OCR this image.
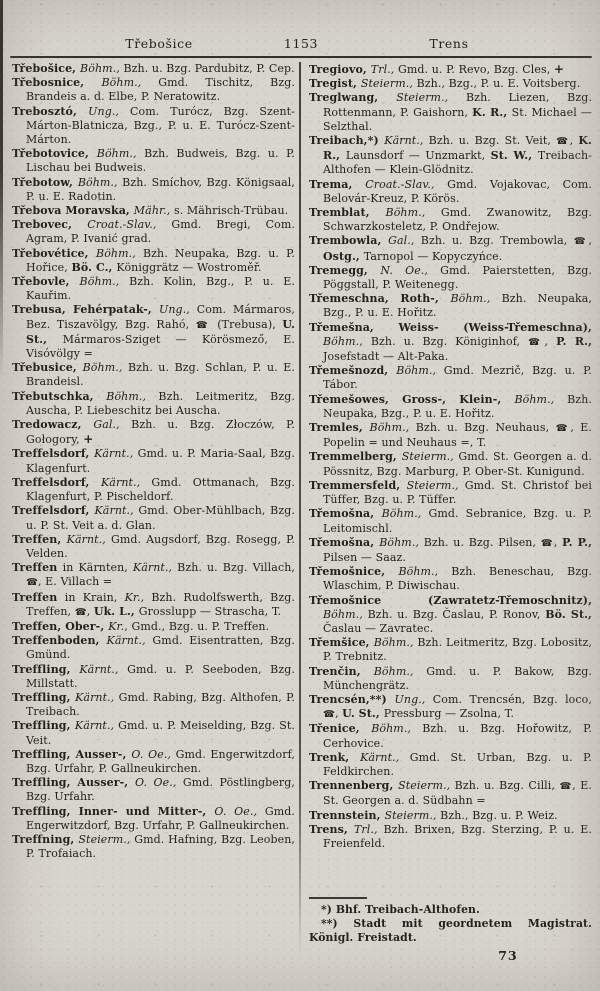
Třebošice	1153	Trens

Třebošice, Böhm., Bzh. u. Bzg. Pardubitz, P. Cep.

Třebosnice, Böhm., Gmd. Tischitz, Bzg. Brandeis a. d. Elbe, P. Neratowitz.

Trebosztó, Ung., Com. Turócz, Bzg. Szent-Márton-Blatnicza, Bzg., P. u. E. Turócz-Szent-Márton.

Třebotovice, Böhm., Bzh. Budweis, Bzg. u. P. Lischau bei Budweis.

Třebotow, Böhm., Bzh. Smíchov, Bzg. Königsaal, P. u. E. Radotin.

Třebova Moravska, Mähr., s. Mährisch-Trübau.

Trebovec, Croat.-Slav., Gmd. Bregi, Com. Agram, P. Ivanić grad.

Třebovétice, Böhm., Bzh. Neupaka, Bzg. u. P. Hořice, Bö. C., Königgrätz — Wostroměř.

Třebovle, Böhm., Bzh. Kolin, Bzg., P. u. E. Kauřim.

Trebusa, Fehérpatak-, Ung., Com. Mármaros, Bez. Tiszavölgy, Bzg. Rahó, ☎ (Trebusa), U. St., Mármaros-Sziget — Körösmező, E. Visóvölgy =

Třebusice, Böhm., Bzh. u. Bzg. Schlan, P. u. E. Brandeisl.

Třebutschka, Böhm., Bzh. Leitmeritz, Bzg. Auscha, P. Liebeschitz bei Auscha.

Tredowacz, Gal., Bzh. u. Bzg. Złoczów, P. Gołogory, +

Treffelsdorf, Kärnt., Gmd. u. P. Maria-Saal, Bzg. Klagenfurt.

Treffelsdorf, Kärnt., Gmd. Ottmanach, Bzg. Klagenfurt, P. Pischeldorf.

Treffelsdorf, Kärnt., Gmd. Ober-Mühlbach, Bzg. u. P. St. Veit a. d. Glan.

Treffen, Kärnt., Gmd. Augsdorf, Bzg. Rosegg, P. Velden.

Treffen in Kärnten, Kärnt., Bzh. u. Bzg. Villach, ☎, E. Villach =

Treffen in Krain, Kr., Bzh. Rudolfswerth, Bzg. Treffen, ☎, Uk. L., Grosslupp — Strascha, T.

Treffen, Ober-, Kr., Gmd., Bzg. u. P. Treffen.

Treffenboden, Kärnt., Gmd. Eisentratten, Bzg. Gmünd.

Treffling, Kärnt., Gmd. u. P. Seeboden, Bzg. Millstatt.

Treffling, Kärnt., Gmd. Rabing, Bzg. Althofen, P. Treibach.

Treffling, Kärnt., Gmd. u. P. Meiselding, Bzg. St. Veit.

Treffling, Ausser-, O. Oe., Gmd. Engerwitzdorf, Bzg. Urfahr, P. Gallneukirchen.

Treffling, Ausser-, O. Oe., Gmd. Pöstlingberg, Bzg. Urfahr.

Treffling, Inner- und Mitter-, O. Oe., Gmd. Engerwitzdorf, Bzg. Urfahr, P. Gallneukirchen.

Treffning, Steierm., Gmd. Hafning, Bzg. Leoben, P. Trofaiach.

Tregiovo, Trl., Gmd. u. P. Revo, Bzg. Cles, +

Tregist, Steierm., Bzh., Bzg., P. u. E. Voitsberg.

Treglwang, Steierm., Bzh. Liezen, Bzg. Rottenmann, P. Gaishorn, K. R., St. Michael — Selzthal.

Treibach,*) Kärnt., Bzh. u. Bzg. St. Veit, ☎, K. R., Launsdorf — Unzmarkt, St. W., Treibach-Althofen — Klein-Glödnitz.

Trema, Croat.-Slav., Gmd. Vojakovac, Com. Belovár-Kreuz, P. Körös.

Tremblat, Böhm., Gmd. Zwanowitz, Bzg. Schwarzkosteletz, P. Ondřejow.

Trembowla, Gal., Bzh. u. Bzg. Trembowla, ☎, Ostg., Tarnopol — Kopyczyńce.

Tremegg, N. Oe., Gmd. Paierstetten, Bzg. Pöggstall, P. Weitenegg.

Třemeschna, Roth-, Böhm., Bzh. Neupaka, Bzg., P. u. E. Hořitz.

Třemešna, Weiss- (Weiss-Třemeschna), Böhm., Bzh. u. Bzg. Königinhof, ☎, P. R., Josefstadt — Alt-Paka.

Třemešnozd, Böhm., Gmd. Mezrič, Bzg. u. P. Tábor.

Třemešowes, Gross-, Klein-, Böhm., Bzh. Neupaka, Bzg., P. u. E. Hořitz.

Tremles, Böhm., Bzh. u. Bzg. Neuhaus, ☎, E. Popelin = und Neuhaus =, T.

Tremmelberg, Steierm., Gmd. St. Georgen a. d. Pössnitz, Bzg. Marburg, P. Ober-St. Kunigund.

Tremmersfeld, Steierm., Gmd. St. Christof bei Tüffer, Bzg. u. P. Tüffer.

Třemošna, Böhm., Gmd. Sebranice, Bzg. u. P. Leitomischl.

Třemošna, Böhm., Bzh. u. Bzg. Pilsen, ☎, P. P., Pilsen — Saaz.

Třemošnice, Böhm., Bzh. Beneschau, Bzg. Wlaschim, P. Diwischau.

Třemošnice (Zawratetz-Třemoschnitz), Böhm., Bzh. u. Bzg. Časlau, P. Ronov, Bö. St., Časlau — Zavratec.

Třemšice, Böhm., Bzh. Leitmeritz, Bzg. Lobositz, P. Trebnitz.

Trenčin, Böhm., Gmd. u. P. Bakow, Bzg. Münchengrätz.

Trencsén,**) Ung., Com. Trencsén, Bzg. loco, ☎, U. St., Pressburg — Zsolna, T.

Třenice, Böhm., Bzh. u. Bzg. Hořowitz, P. Cerhovice.

Trenk, Kärnt., Gmd. St. Urban, Bzg. u. P. Feldkirchen.

Trennenberg, Steierm., Bzh. u. Bzg. Cilli, ☎, E. St. Georgen a. d. Südbahn =

Trennstein, Steierm., Bzh., Bzg. u. P. Weiz.

Trens, Trl., Bzh. Brixen, Bzg. Sterzing, P. u. E. Freienfeld.

*) Bhf. Treibach-Althofen.

**) Stadt mit geordnetem Magistrat. Königl. Freistadt.

73
